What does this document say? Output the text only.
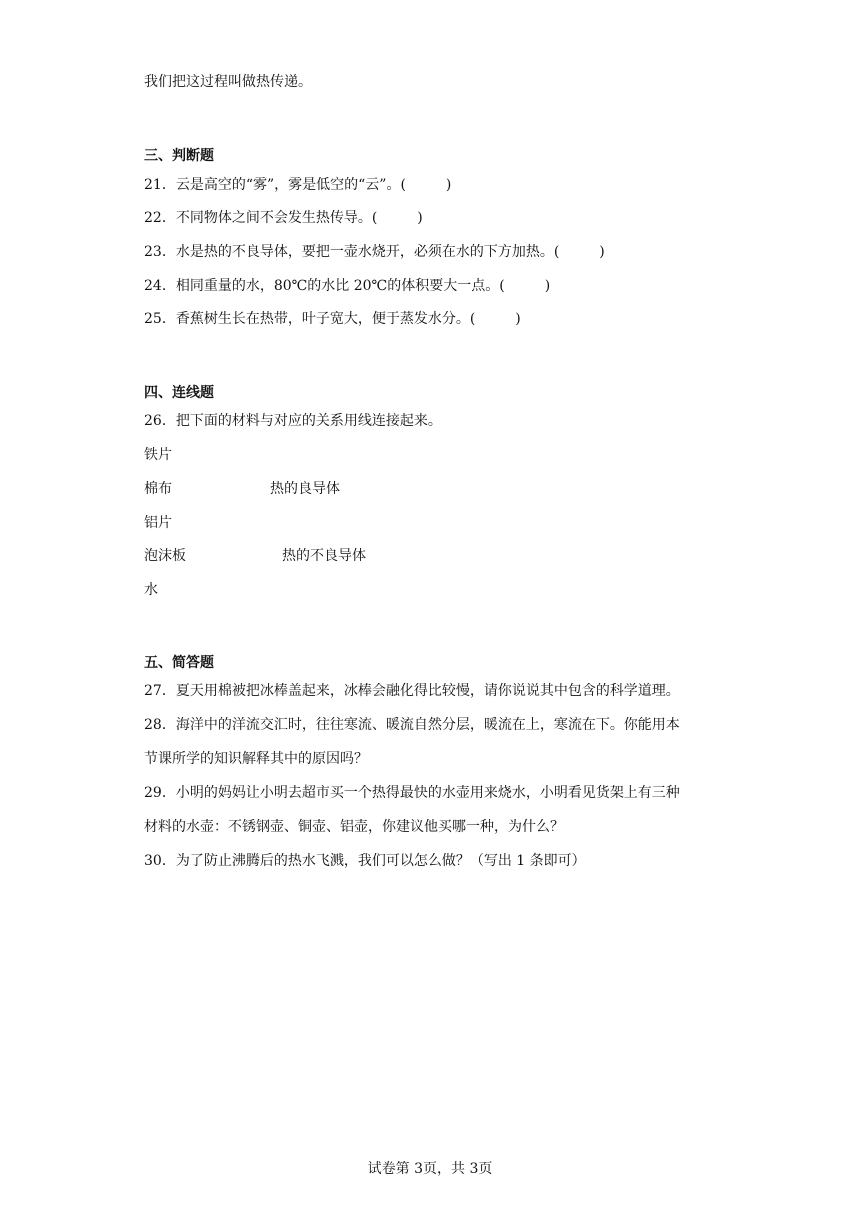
我们把这过程叫做热传递。
三、判断题
21．云是高空的“雾”，雾是低空的“云”。(	)
22．不同物体之间不会发生热传导。(	)
23．水是热的不良导体，要把一壶水烧开，必须在水的下方加热。(	)
24．相同重量的水，80℃的水比 20℃的体积要大一点。(	)
25．香蕉树生长在热带，叶子宽大，便于蒸发水分。(	)
四、连线题
26．把下面的材料与对应的关系用线连接起来。
铁片
棉布	热的良导体
铝片
泡沫板	热的不良导体
水
五、简答题
27．夏天用棉被把冰棒盖起来，冰棒会融化得比较慢，请你说说其中包含的科学道理。
28．海洋中的洋流交汇时，往往寒流、暖流自然分层，暖流在上，寒流在下。你能用本
节课所学的知识解释其中的原因吗？
29．小明的妈妈让小明去超市买一个热得最快的水壶用来烧水，小明看见货架上有三种
材料的水壶：不锈钢壶、铜壶、铝壶，你建议他买哪一种，为什么？
30．为了防止沸腾后的热水飞溅，我们可以怎么做？（写出 1 条即可）
试卷第 3页，共 3页
